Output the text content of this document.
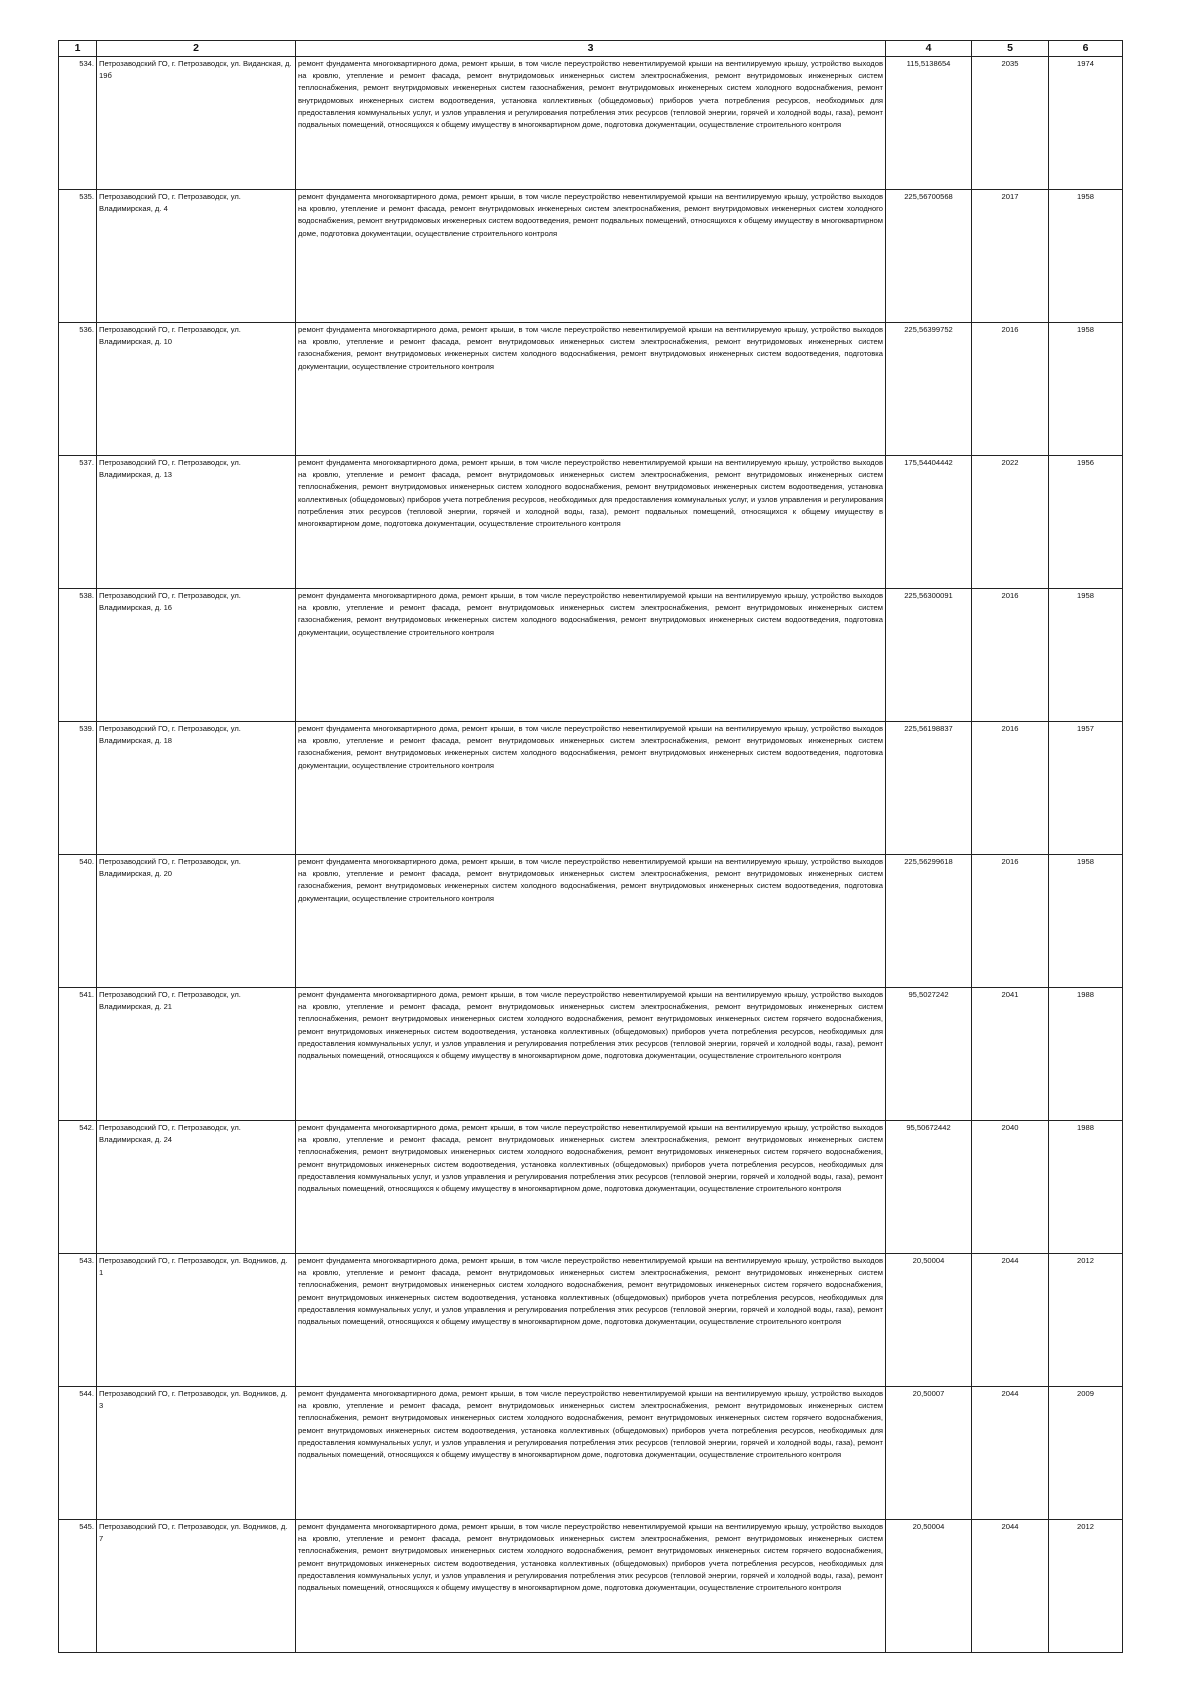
1	2	3	4	5	6
534.	Петрозаводский ГО, г. Петрозаводск, ул. Виданская, д. 19б	ремонт фундамента многоквартирного дома, ремонт крыши, в том числе переустройство невентилируемой крыши на вентилируемую крышу, устройство выходов на кровлю, утепление и ремонт фасада, ремонт внутридомовых инженерных систем электроснабжения, ремонт внутридомовых инженерных систем теплоснабжения, ремонт внутридомовых инженерных систем газоснабжения, ремонт внутридомовых инженерных систем холодного водоснабжения, ремонт внутридомовых инженерных систем водоотведения, установка коллективных (общедомовых) приборов учета потребления ресурсов, необходимых для предоставления коммунальных услуг, и узлов управления и регулирования потребления этих ресурсов (тепловой энергии, горячей и холодной воды, газа), ремонт подвальных помещений, относящихся к общему имуществу в многоквартирном доме, подготовка документации, осуществление строительного контроля	115,5138654	2035	1974
535.	Петрозаводский ГО, г. Петрозаводск, ул. Владимирская, д. 4	ремонт фундамента многоквартирного дома, ремонт крыши, в том числе переустройство невентилируемой крыши на вентилируемую крышу, устройство выходов на кровлю, утепление и ремонт фасада, ремонт внутридомовых инженерных систем электроснабжения, ремонт внутридомовых инженерных систем холодного водоснабжения, ремонт внутридомовых инженерных систем водоотведения, ремонт подвальных помещений, относящихся к общему имуществу в многоквартирном доме, подготовка документации, осуществление строительного контроля	225,56700568	2017	1958
536.	Петрозаводский ГО, г. Петрозаводск, ул. Владимирская, д. 10	ремонт фундамента многоквартирного дома, ремонт крыши, в том числе переустройство невентилируемой крыши на вентилируемую крышу, устройство выходов на кровлю, утепление и ремонт фасада, ремонт внутридомовых инженерных систем электроснабжения, ремонт внутридомовых инженерных систем газоснабжения, ремонт внутридомовых инженерных систем холодного водоснабжения, ремонт внутридомовых инженерных систем водоотведения, подготовка документации, осуществление строительного контроля	225,56399752	2016	1958
537.	Петрозаводский ГО, г. Петрозаводск, ул. Владимирская, д. 13	ремонт фундамента многоквартирного дома, ремонт крыши, в том числе переустройство невентилируемой крыши на вентилируемую крышу, устройство выходов на кровлю, утепление и ремонт фасада, ремонт внутридомовых инженерных систем электроснабжения, ремонт внутридомовых инженерных систем теплоснабжения, ремонт внутридомовых инженерных систем холодного водоснабжения, ремонт внутридомовых инженерных систем водоотведения, установка коллективных (общедомовых) приборов учета потребления ресурсов, необходимых для предоставления коммунальных услуг, и узлов управления и регулирования потребления этих ресурсов (тепловой энергии, горячей и холодной воды, газа), ремонт подвальных помещений, относящихся к общему имуществу в многоквартирном доме, подготовка документации, осуществление строительного контроля	175,54404442	2022	1956
538.	Петрозаводский ГО, г. Петрозаводск, ул. Владимирская, д. 16	ремонт фундамента многоквартирного дома, ремонт крыши, в том числе переустройство невентилируемой крыши на вентилируемую крышу, устройство выходов на кровлю, утепление и ремонт фасада, ремонт внутридомовых инженерных систем электроснабжения, ремонт внутридомовых инженерных систем газоснабжения, ремонт внутридомовых инженерных систем холодного водоснабжения, ремонт внутридомовых инженерных систем водоотведения, подготовка документации, осуществление строительного контроля	225,56300091	2016	1958
539.	Петрозаводский ГО, г. Петрозаводск, ул. Владимирская, д. 18	ремонт фундамента многоквартирного дома, ремонт крыши, в том числе переустройство невентилируемой крыши на вентилируемую крышу, устройство выходов на кровлю, утепление и ремонт фасада, ремонт внутридомовых инженерных систем электроснабжения, ремонт внутридомовых инженерных систем газоснабжения, ремонт внутридомовых инженерных систем холодного водоснабжения, ремонт внутридомовых инженерных систем водоотведения, подготовка документации, осуществление строительного контроля	225,56198837	2016	1957
540.	Петрозаводский ГО, г. Петрозаводск, ул. Владимирская, д. 20	ремонт фундамента многоквартирного дома, ремонт крыши, в том числе переустройство невентилируемой крыши на вентилируемую крышу, устройство выходов на кровлю, утепление и ремонт фасада, ремонт внутридомовых инженерных систем электроснабжения, ремонт внутридомовых инженерных систем газоснабжения, ремонт внутридомовых инженерных систем холодного водоснабжения, ремонт внутридомовых инженерных систем водоотведения, подготовка документации, осуществление строительного контроля	225,56299618	2016	1958
541.	Петрозаводский ГО, г. Петрозаводск, ул. Владимирская, д. 21	ремонт фундамента многоквартирного дома, ремонт крыши, в том числе переустройство невентилируемой крыши на вентилируемую крышу, устройство выходов на кровлю, утепление и ремонт фасада, ремонт внутридомовых инженерных систем электроснабжения, ремонт внутридомовых инженерных систем теплоснабжения, ремонт внутридомовых инженерных систем холодного водоснабжения, ремонт внутридомовых инженерных систем горячего водоснабжения, ремонт внутридомовых инженерных систем водоотведения, установка коллективных (общедомовых) приборов учета потребления ресурсов, необходимых для предоставления коммунальных услуг, и узлов управления и регулирования потребления этих ресурсов (тепловой энергии, горячей и холодной воды, газа), ремонт подвальных помещений, относящихся к общему имуществу в многоквартирном доме, подготовка документации, осуществление строительного контроля	95,5027242	2041	1988
542.	Петрозаводский ГО, г. Петрозаводск, ул. Владимирская, д. 24	ремонт фундамента многоквартирного дома, ремонт крыши, в том числе переустройство невентилируемой крыши на вентилируемую крышу, устройство выходов на кровлю, утепление и ремонт фасада, ремонт внутридомовых инженерных систем электроснабжения, ремонт внутридомовых инженерных систем теплоснабжения, ремонт внутридомовых инженерных систем холодного водоснабжения, ремонт внутридомовых инженерных систем горячего водоснабжения, ремонт внутридомовых инженерных систем водоотведения, установка коллективных (общедомовых) приборов учета потребления ресурсов, необходимых для предоставления коммунальных услуг, и узлов управления и регулирования потребления этих ресурсов (тепловой энергии, горячей и холодной воды, газа), ремонт подвальных помещений, относящихся к общему имуществу в многоквартирном доме, подготовка документации, осуществление строительного контроля	95,50672442	2040	1988
543.	Петрозаводский ГО, г. Петрозаводск, ул. Водников, д. 1	ремонт фундамента многоквартирного дома, ремонт крыши, в том числе переустройство невентилируемой крыши на вентилируемую крышу, устройство выходов на кровлю, утепление и ремонт фасада, ремонт внутридомовых инженерных систем электроснабжения, ремонт внутридомовых инженерных систем теплоснабжения, ремонт внутридомовых инженерных систем холодного водоснабжения, ремонт внутридомовых инженерных систем горячего водоснабжения, ремонт внутридомовых инженерных систем водоотведения, установка коллективных (общедомовых) приборов учета потребления ресурсов, необходимых для предоставления коммунальных услуг, и узлов управления и регулирования потребления этих ресурсов (тепловой энергии, горячей и холодной воды, газа), ремонт подвальных помещений, относящихся к общему имуществу в многоквартирном доме, подготовка документации, осуществление строительного контроля	20,50004	2044	2012
544.	Петрозаводский ГО, г. Петрозаводск, ул. Водников, д. 3	ремонт фундамента многоквартирного дома, ремонт крыши, в том числе переустройство невентилируемой крыши на вентилируемую крышу, устройство выходов на кровлю, утепление и ремонт фасада, ремонт внутридомовых инженерных систем электроснабжения, ремонт внутридомовых инженерных систем теплоснабжения, ремонт внутридомовых инженерных систем холодного водоснабжения, ремонт внутридомовых инженерных систем горячего водоснабжения, ремонт внутридомовых инженерных систем водоотведения, установка коллективных (общедомовых) приборов учета потребления ресурсов, необходимых для предоставления коммунальных услуг, и узлов управления и регулирования потребления этих ресурсов (тепловой энергии, горячей и холодной воды, газа), ремонт подвальных помещений, относящихся к общему имуществу в многоквартирном доме, подготовка документации, осуществление строительного контроля	20,50007	2044	2009
545.	Петрозаводский ГО, г. Петрозаводск, ул. Водников, д. 7	ремонт фундамента многоквартирного дома, ремонт крыши, в том числе переустройство невентилируемой крыши на вентилируемую крышу, устройство выходов на кровлю, утепление и ремонт фасада, ремонт внутридомовых инженерных систем электроснабжения, ремонт внутридомовых инженерных систем теплоснабжения, ремонт внутридомовых инженерных систем холодного водоснабжения, ремонт внутридомовых инженерных систем горячего водоснабжения, ремонт внутридомовых инженерных систем водоотведения, установка коллективных (общедомовых) приборов учета потребления ресурсов, необходимых для предоставления коммунальных услуг, и узлов управления и регулирования потребления этих ресурсов (тепловой энергии, горячей и холодной воды, газа), ремонт подвальных помещений, относящихся к общему имуществу в многоквартирном доме, подготовка документации, осуществление строительного контроля	20,50004	2044	2012
